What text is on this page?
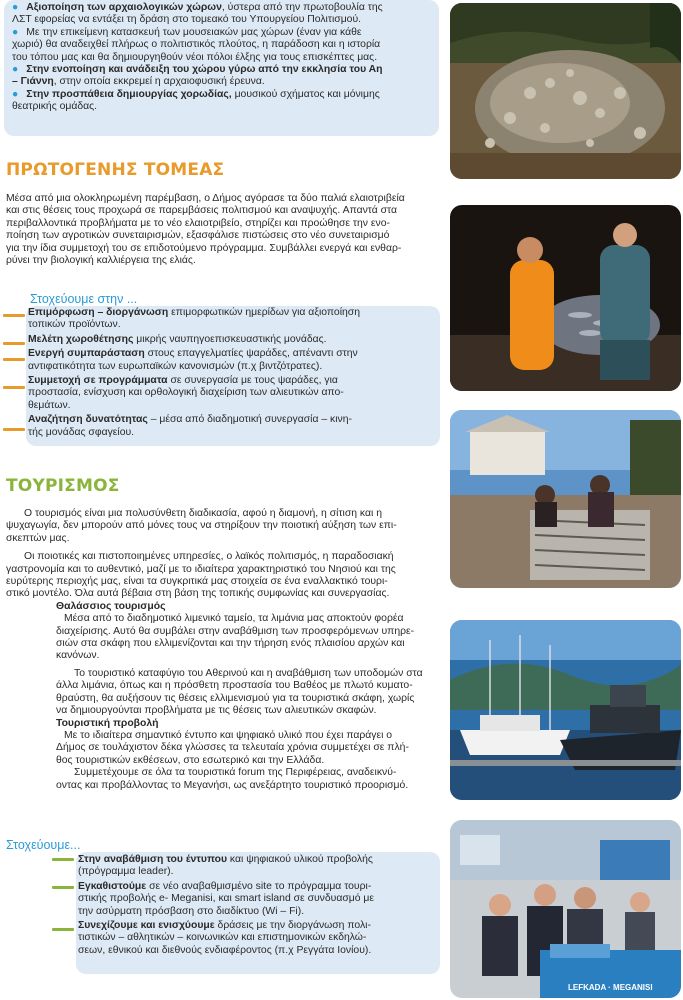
● Αξιοποίηση των αρχαιολογικών χώρων, ύστερα από την πρωτοβουλία της
ΛΣΤ εφορείας να εντάξει τη δράση στο τομεακό του Υπουργείου Πολιτισμού.
● Με την επικείμενη κατασκευή των μουσειακών μας χώρων (έναν για κάθε
χωριό) θα αναδειχθεί πλήρως ο πολιτιστικός πλούτος, η παράδοση και η ιστορία
του τόπου μας και θα δημιουργηθούν νέοι πόλοι έλξης για τους επισκέπτες μας.
● Στην ενοποίηση και ανάδειξη του χώρου γύρω από την εκκλησία του Αη
– Γιάννη, στην οποία εκκρεμεί η αρχαιοφυσική έρευνα.
● Στην προσπάθεια δημιουργίας χορωδίας, μουσικού σχήματος και μόνιμης
θεατρικής ομάδας.
ΠΡΩΤΟΓΕΝΗΣ ΤΟΜΕΑΣ
Μέσα από μια ολοκληρωμένη παρέμβαση, ο Δήμος αγόρασε τα δύο παλιά ελαιοτριβεία
και στις θέσεις τους προχωρά σε παρεμβάσεις πολιτισμού και αναψυχής. Απαντά στα
περιβαλλοντικά προβλήματα με το νέο ελαιοτριβείο, στηρίζει και προώθησε την ενο-
ποίηση των αγροτικών συνεταιρισμών, εξασφάλισε πιστώσεις στο νέο συνεταιρισμό
για την ίδια συμμετοχή του σε επιδοτούμενο πρόγραμμα. Συμβάλλει ενεργά και ενθαρ-
ρύνει την βιολογική καλλιέργεια της ελιάς.
Στοχεύουμε στην ...
Επιμόρφωση – διοργάνωση επιμορφωτικών ημερίδων για αξιοποίηση
τοπικών προϊόντων.
Μελέτη χωροθέτησης μικρής ναυπηγοεπισκευαστικής μονάδας.
Ενεργή συμπαράσταση στους επαγγελματίες ψαράδες, απέναντι στην
αντιφατικότητα των ευρωπαϊκών κανονισμών (π.χ βιντζότρατες).
Συμμετοχή σε προγράμματα σε συνεργασία με τους ψαράδες, για
προστασία, ενίσχυση και ορθολογική διαχείριση των αλιευτικών απο-
θεμάτων.
Αναζήτηση δυνατότητας – μέσα από διαδημοτική συνεργασία – κινη-
τής μονάδας σφαγείου.
ΤΟΥΡΙΣΜΟΣ
Ο τουρισμός είναι μια πολυσύνθετη διαδικασία, αφού η διαμονή, η σίτιση και η
ψυχαγωγία, δεν μπορούν από μόνες τους να στηρίξουν την ποιοτική αύξηση των επι-
σκεπτών μας.
Οι ποιοτικές και πιστοποιημένες υπηρεσίες, ο λαϊκός πολιτισμός, η παραδοσιακή
γαστρονομία και το αυθεντικό, μαζί με το ιδιαίτερα χαρακτηριστικό του Νησιού και της
ευρύτερης περιοχής μας, είναι τα συγκριτικά μας στοιχεία σε ένα εναλλακτικό τουρι-
στικό μοντέλο. Όλα αυτά βέβαια στη βάση της τοπικής συμφωνίας και συνεργασίας.
Θαλάσσιος τουρισμός
Μέσα από το διαδημοτικό λιμενικό ταμείο, τα λιμάνια μας αποκτούν φορέα
διαχείρισης. Αυτό θα συμβάλει στην αναβάθμιση των προσφερόμενων υπηρε-
σιών στα σκάφη που ελλιμενίζονται και την τήρηση ενός πλαισίου αρχών και
κανόνων.
Το τουριστικό καταφύγιο του Αθερινού και η αναβάθμιση των υποδομών στα
άλλα λιμάνια, όπως και η πρόσθετη προστασία του Βαθέος με πλωτό κυματο-
θραύστη, θα αυξήσουν τις θέσεις ελλιμενισμού για τα τουριστικά σκάφη, χωρίς
να δημιουργούνται προβλήματα με τις θέσεις των αλιευτικών σκαφών.
Τουριστική προβολή
Με το ιδιαίτερα σημαντικό έντυπο και ψηφιακό υλικό που έχει παράγει ο
Δήμος σε τουλάχιστον δέκα γλώσσες τα τελευταία χρόνια συμμετέχει σε πλή-
θος τουριστικών εκθέσεων, στο εσωτερικό και την Ελλάδα.
Συμμετέχουμε σε όλα τα τουριστικά forum της Περιφέρειας, αναδεικνύ-
οντας και προβάλλοντας το Μεγανήσι, ως ανεξάρτητο τουριστικό προορισμό.
Στοχεύουμε...
Στην αναβάθμιση του έντυπου και ψηφιακού υλικού προβολής
(πρόγραμμα leader).
Εγκαθιστούμε σε νέο αναβαθμισμένο site το πρόγραμμα τουρι-
στικής προβολής e- Meganisi, και smart island σε συνδυασμό με
την ασύρματη πρόσβαση στο διαδίκτυο (Wi – Fi).
Συνεχίζουμε και ενισχύουμε δράσεις με την διοργάνωση πολι-
τιστικών – αθλητικών – κοινωνικών και επιστημονικών εκδηλώ-
σεων, εθνικού και διεθνούς ενδιαφέροντος (π.χ Ρεγγάτα Ιονίου).
LEFKADA · MEGANISI
